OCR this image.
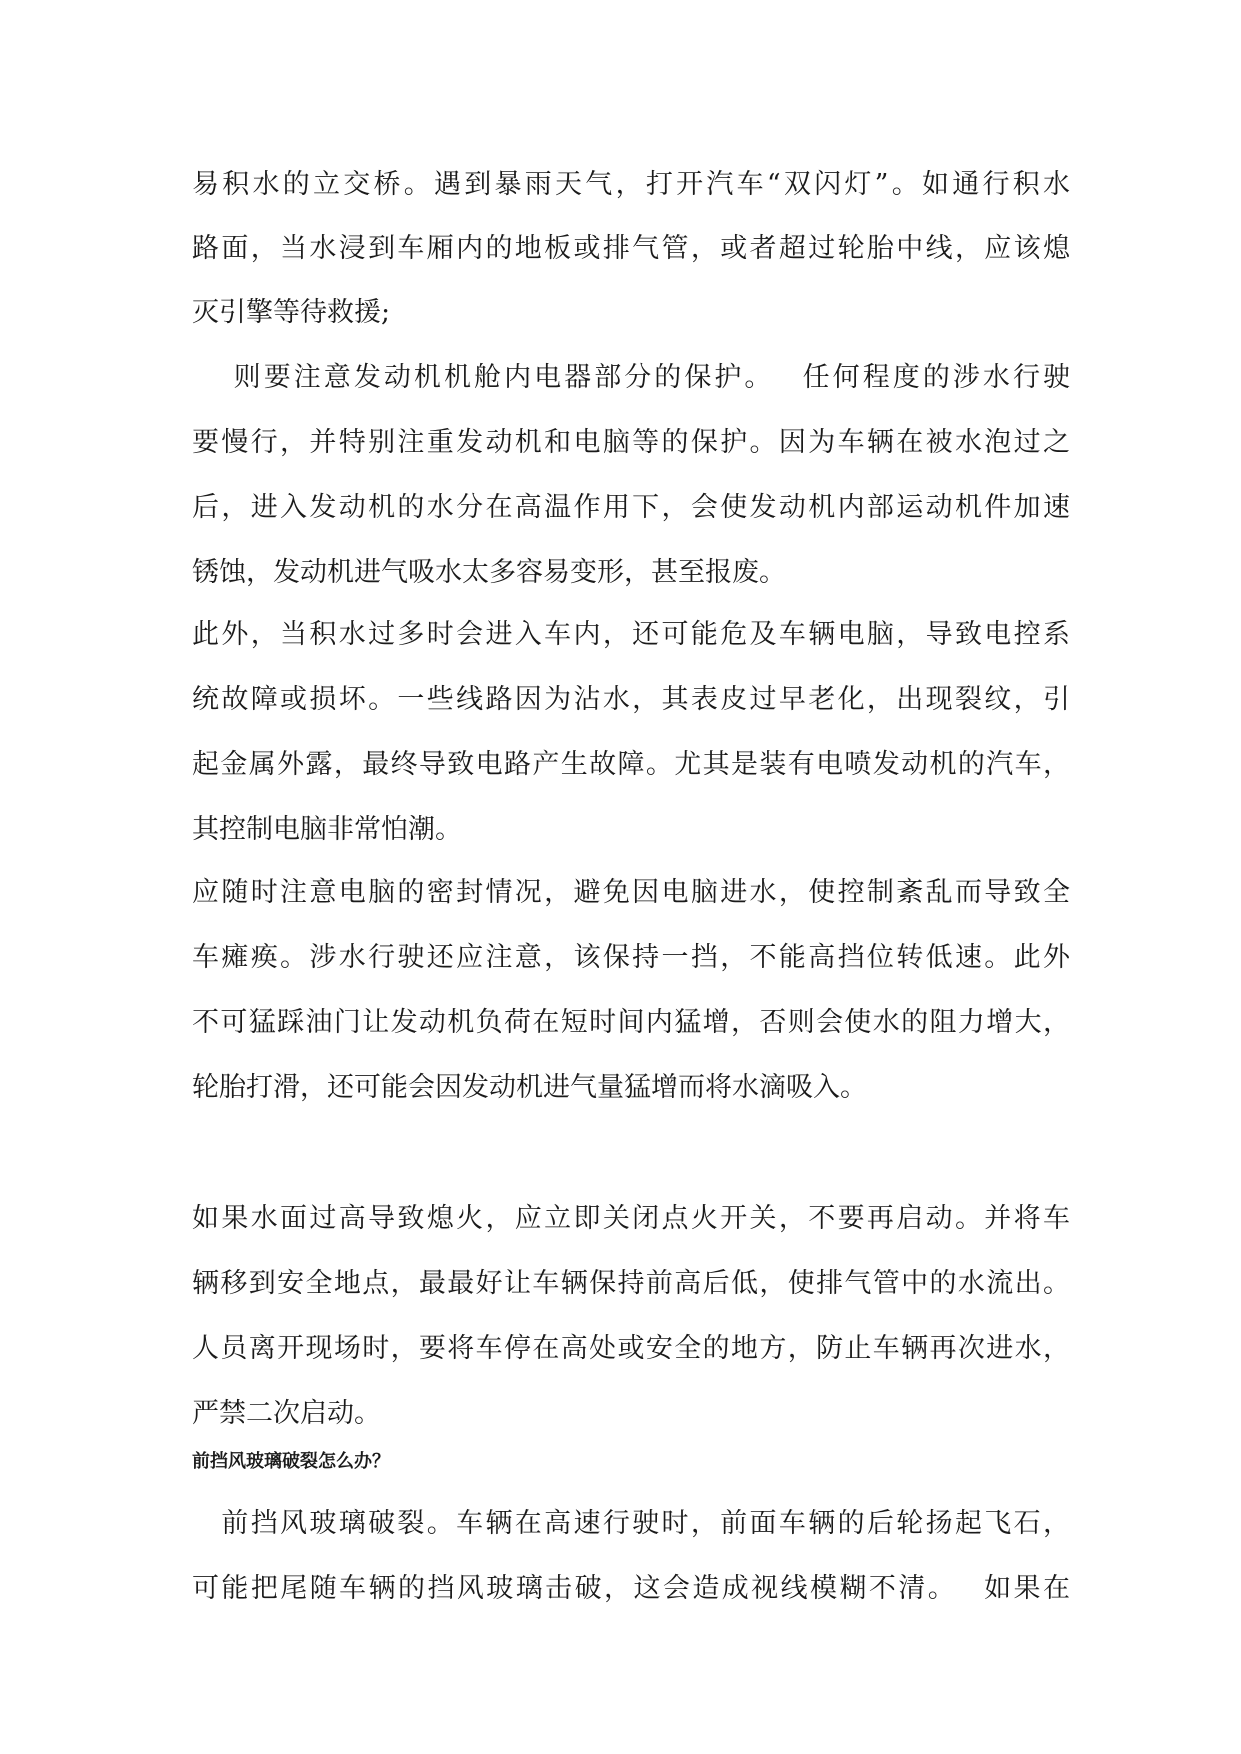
易积水的立交桥。遇到暴雨天气，打开汽车“双闪灯”。如通行积水
路面，当水浸到车厢内的地板或排气管，或者超过轮胎中线，应该熄
灭引擎等待救援;
　 则要注意发动机机舱内电器部分的保护。　 任何程度的涉水行驶
要慢行，并特别注重发动机和电脑等的保护。因为车辆在被水泡过之
后，进入发动机的水分在高温作用下，会使发动机内部运动机件加速
锈蚀，发动机进气吸水太多容易变形，甚至报废。
此外，当积水过多时会进入车内，还可能危及车辆电脑，导致电控系
统故障或损坏。一些线路因为沾水，其表皮过早老化，出现裂纹，引
起金属外露，最终导致电路产生故障。尤其是装有电喷发动机的汽车，
其控制电脑非常怕潮。
应随时注意电脑的密封情况，避免因电脑进水，使控制紊乱而导致全
车瘫痪。涉水行驶还应注意，该保持一挡，不能高挡位转低速。此外
不可猛踩油门让发动机负荷在短时间内猛增，否则会使水的阻力增大，
轮胎打滑，还可能会因发动机进气量猛增而将水滴吸入。
如果水面过高导致熄火，应立即关闭点火开关，不要再启动。并将车
辆移到安全地点，最最好让车辆保持前高后低，使排气管中的水流出。
人员离开现场时，要将车停在高处或安全的地方，防止车辆再次进水，
严禁二次启动。
前挡风玻璃破裂怎么办？
　前挡风玻璃破裂。车辆在高速行驶时，前面车辆的后轮扬起飞石，
可能把尾随车辆的挡风玻璃击破，这会造成视线模糊不清。　 如果在
